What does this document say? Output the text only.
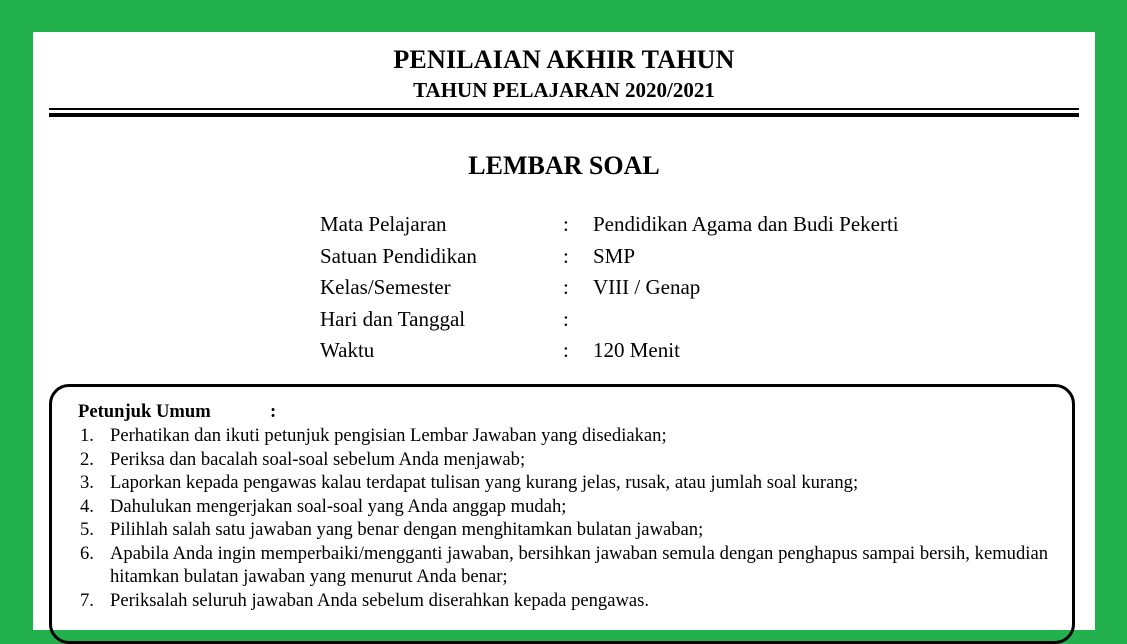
PENILAIAN AKHIR TAHUN
TAHUN PELAJARAN 2020/2021
LEMBAR SOAL
Mata Pelajaran	: Pendidikan Agama dan Budi Pekerti
Satuan Pendidikan	: SMP
Kelas/Semester	: VIII / Genap
Hari dan Tanggal	:
Waktu	: 120 Menit
Petunjuk Umum	:
1. Perhatikan dan ikuti petunjuk pengisian Lembar Jawaban yang disediakan;
2. Periksa dan bacalah soal-soal sebelum Anda menjawab;
3. Laporkan kepada pengawas kalau terdapat tulisan yang kurang jelas, rusak, atau jumlah soal kurang;
4. Dahulukan mengerjakan soal-soal yang Anda anggap mudah;
5. Pilihlah salah satu jawaban yang benar dengan menghitamkan bulatan jawaban;
6. Apabila Anda ingin memperbaiki/mengganti jawaban, bersihkan jawaban semula dengan penghapus sampai bersih, kemudian hitamkan bulatan jawaban yang menurut Anda benar;
7. Periksalah seluruh jawaban Anda sebelum diserahkan kepada pengawas.
